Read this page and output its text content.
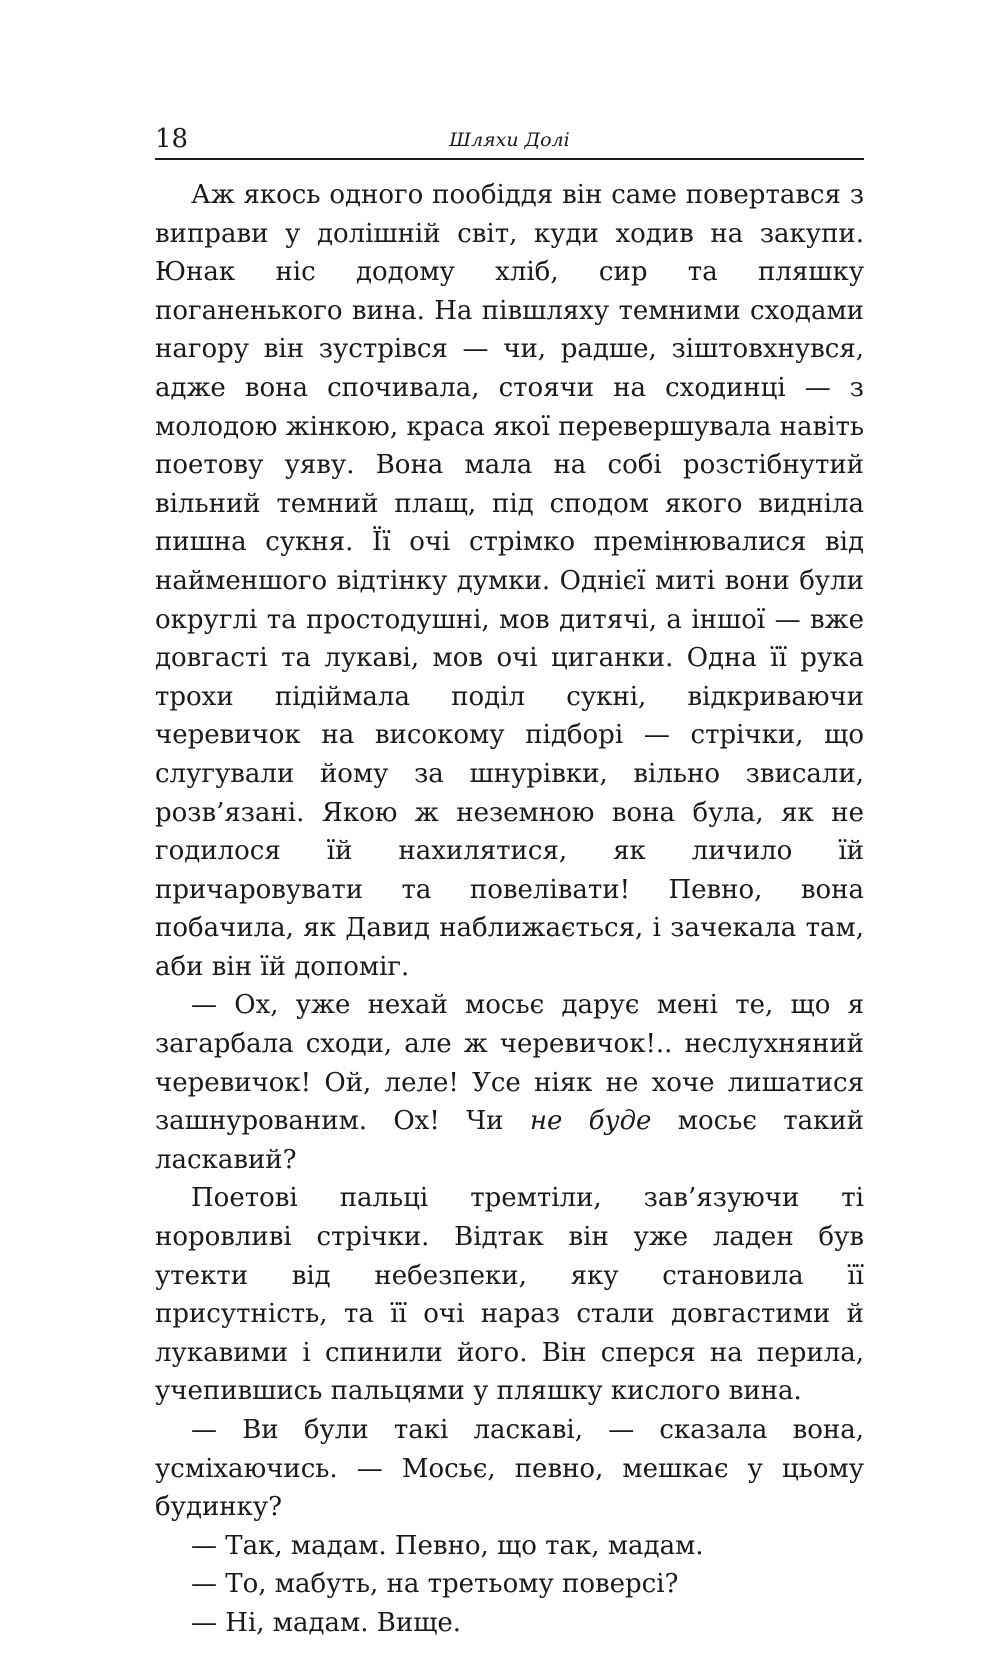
18	Шляхи Долі

Аж якось одного пообіддя він саме повертався з виправи у долішній світ, куди ходив на закупи. Юнак ніс додому хліб, сир та пляшку поганенького вина. На півшляху темними сходами нагору він зустрівся — чи, радше, зіштовхнувся, адже вона спочивала, стоячи на сходинці — з молодою жінкою, краса якої перевершувала навіть поетову уяву. Вона мала на собі розстібнутий вільний темний плащ, під сподом якого видніла пишна сукня. Її очі стрімко премінювалися від найменшого відтінку думки. Однієї миті вони були округлі та простодушні, мов дитячі, а іншої — вже довгасті та лукаві, мов очі циганки. Одна її рука трохи підіймала поділ сукні, відкриваючи черевичок на високому підборі — стрічки, що слугували йому за шнурівки, вільно звисали, розв’язані. Якою ж неземною вона була, як не годилося їй нахилятися, як личило їй причаровувати та повелівати! Певно, вона побачила, як Давид наближається, і зачекала там, аби він їй допоміг.

— Ох, уже нехай мосьє дарує мені те, що я загарбала сходи, але ж черевичок!.. неслухняний черевичок! Ой, леле! Усе ніяк не хоче лишатися зашнурованим. Ох! Чи не буде мосьє такий ласкавий?

Поетові пальці тремтіли, зав’язуючи ті норовливі стрічки. Відтак він уже ладен був утекти від небезпеки, яку становила її присутність, та її очі нараз стали довгастими й лукавими і спинили його. Він сперся на перила, учепившись пальцями у пляшку кислого вина.

— Ви були такі ласкаві, — сказала вона, усміхаючись. — Мосьє, певно, мешкає у цьому будинку?

— Так, мадам. Певно, що так, мадам.

— То, мабуть, на третьому поверсі?

— Ні, мадам. Вище.
